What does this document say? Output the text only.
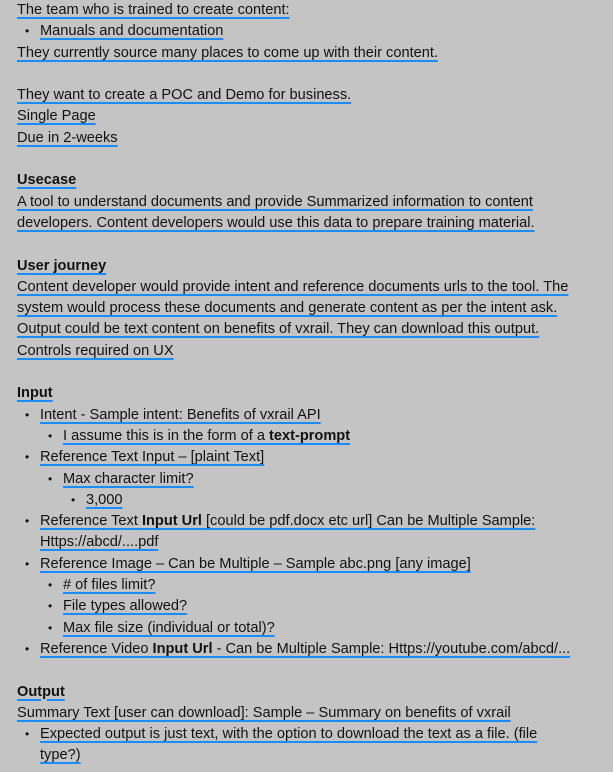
The team who is trained to create content:
• Manuals and documentation
They currently source many places to come up with their content.
They want to create a POC and Demo for business.
Single Page
Due in 2-weeks
Usecase
A tool to understand documents and provide Summarized information to content
developers. Content developers would use this data to prepare training material.
User journey
Content developer would provide intent and reference documents urls to the tool. The
system would process these documents and generate content as per the intent ask.
Output could be text content on benefits of vxrail. They can download this output.
Controls required on UX
Input
• Intent - Sample intent: Benefits of vxrail API
• I assume this is in the form of a text-prompt
• Reference Text Input – [plaint Text]
• Max character limit?
• 3,000
• Reference Text Input Url [could be pdf.docx etc url] Can be Multiple Sample:
Https://abcd/....pdf
• Reference Image – Can be Multiple – Sample abc.png [any image]
• # of files limit?
• File types allowed?
• Max file size (individual or total)?
• Reference Video Input Url - Can be Multiple Sample: Https://youtube.com/abcd/...
Output
Summary Text [user can download]: Sample – Summary on benefits of vxrail
• Expected output is just text, with the option to download the text as a file. (file
type?)
